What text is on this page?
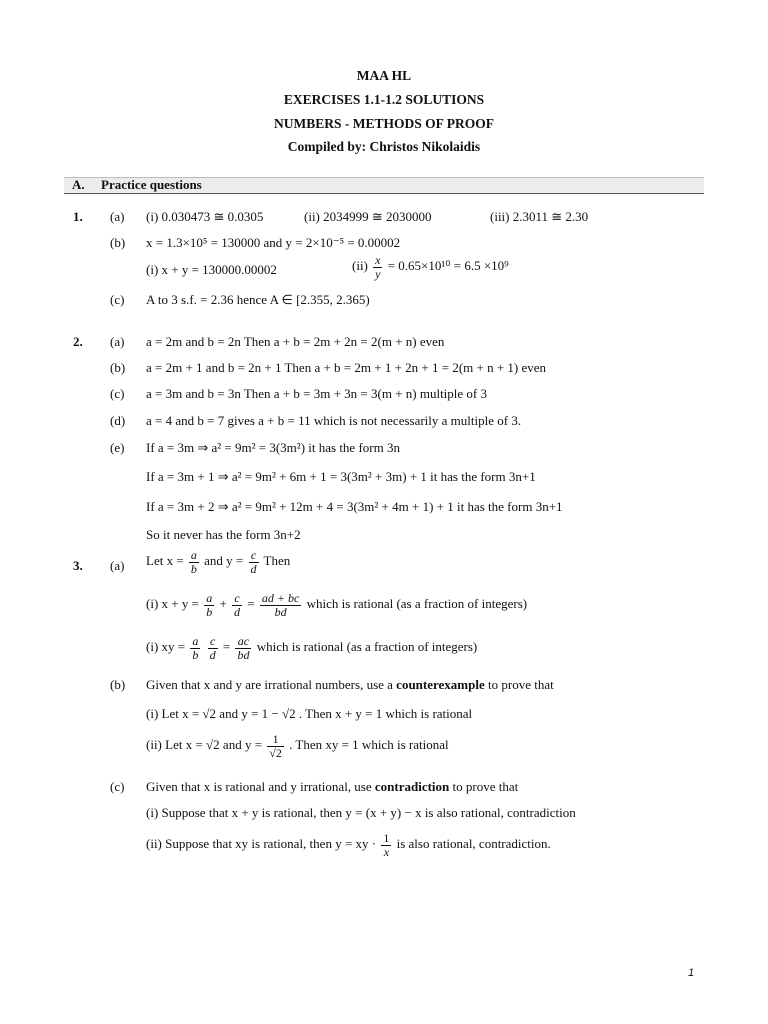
MAA HL
EXERCISES 1.1-1.2 SOLUTIONS
NUMBERS - METHODS OF PROOF
Compiled by: Christos Nikolaidis
A. Practice questions
1. (a) (i) 0.030473 ≅ 0.0305	(ii) 2034999 ≅ 2030000	(iii) 2.3011 ≅ 2.30
(b) x = 1.3×10⁵ = 130000 and y = 2×10⁻⁵ = 0.00002
(i) x + y = 130000.00002	$(ii) \frac{x}{y} = 0.65\times 10^{10} = 6.5 \times 10^9$
(c) A to 3 s.f. = 2.36 hence A ∈ [2.355, 2.365)
2. (a) a = 2m and b = 2n Then a + b = 2m + 2n = 2(m + n) even
(b) a = 2m + 1 and b = 2n + 1 Then a + b = 2m + 1 + 2n + 1 = 2(m + n + 1) even
(c) a = 3m and b = 3n Then a + b = 3m + 3n = 3(m + n) multiple of 3
(d) a = 4 and b = 7 gives a + b = 11 which is not necessarily a multiple of 3.
(e) If a = 3m ⇒ a² = 9m² = 3(3m²) it has the form 3n
If a = 3m + 1 ⇒ a² = 9m² + 6m + 1 = 3(3m² + 3m) + 1 it has the form 3n+1
If a = 3m + 2 ⇒ a² = 9m² + 12m + 4 = 3(3m² + 4m + 1) + 1 it has the form 3n+1
So it never has the form 3n+2
3. (a) Let $x = \frac{a}{b}$ and $y = \frac{c}{d}$ Then
(i) $x + y = \frac{a}{b} + \frac{c}{d} = \frac{ad + bc}{bd}$ which is rational (as a fraction of integers)
(i) xy = $\frac{a}{b}$
$\frac{c}{d} = \frac{ac}{bd}$ which is rational (as a fraction of integers)
(b) Given that x and y are irrational numbers, use a counterexample to prove that
(i) Let x = √2 and y = 1 − √2 . Then x + y = 1 which is rational
(ii) Let x = √2 and $y = \frac{1}{√2}$ . Then xy = 1 which is rational
(c) Given that x is rational and y irrational, use contradiction to prove that
(i) Suppose that x + y is rational, then y = (x + y) − x is also rational, contradiction
(ii) Suppose that xy is rational, then y = xy · $\frac{1}{x}$ is also rational, contradiction.
1
